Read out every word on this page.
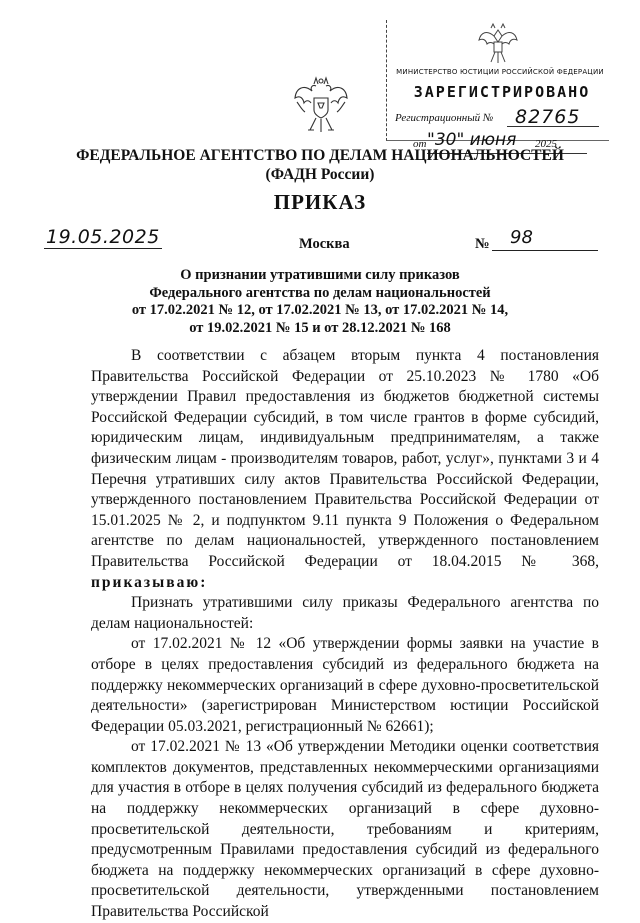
МИНИСТЕРСТВО ЮСТИЦИИ РОССИЙСКОЙ ФЕДЕРАЦИИ
ЗАРЕГИСТРИРОВАНО
Регистрационный № 82765
от "30" июня 2025
ФЕДЕРАЛЬНОЕ АГЕНТСТВО ПО ДЕЛАМ НАЦИОНАЛЬНОСТЕЙ
(ФАДН России)
ПРИКАЗ
19.05.2025	Москва	№ 98
О признании утратившими силу приказов
Федерального агентства по делам национальностей
от 17.02.2021 № 12, от 17.02.2021 № 13, от 17.02.2021 № 14,
от 19.02.2021 № 15 и от 28.12.2021 № 168

В соответствии с абзацем вторым пункта 4 постановления Правительства Российской Федерации от 25.10.2023 № 1780 «Об утверждении Правил предоставления из бюджетов бюджетной системы Российской Федерации субсидий, в том числе грантов в форме субсидий, юридическим лицам, индивидуальным предпринимателям, а также физическим лицам - производителям товаров, работ, услуг», пунктами 3 и 4 Перечня утративших силу актов Правительства Российской Федерации, утвержденного постановлением Правительства Российской Федерации от 15.01.2025 № 2, и подпунктом 9.11 пункта 9 Положения о Федеральном агентстве по делам национальностей, утвержденного постановлением Правительства Российской Федерации от 18.04.2015 № 368, приказываю:

Признать утратившими силу приказы Федерального агентства по делам национальностей:

от 17.02.2021 № 12 «Об утверждении формы заявки на участие в отборе в целях предоставления субсидий из федерального бюджета на поддержку некоммерческих организаций в сфере духовно-просветительской деятельности» (зарегистрирован Министерством юстиции Российской Федерации 05.03.2021, регистрационный № 62661);

от 17.02.2021 № 13 «Об утверждении Методики оценки соответствия комплектов документов, представленных некоммерческими организациями для участия в отборе в целях получения субсидий из федерального бюджета на поддержку некоммерческих организаций в сфере духовно-просветительской деятельности, требованиям и критериям, предусмотренным Правилами предоставления субсидий из федерального бюджета на поддержку некоммерческих организаций в сфере духовно-просветительской деятельности, утвержденными постановлением Правительства Российской
